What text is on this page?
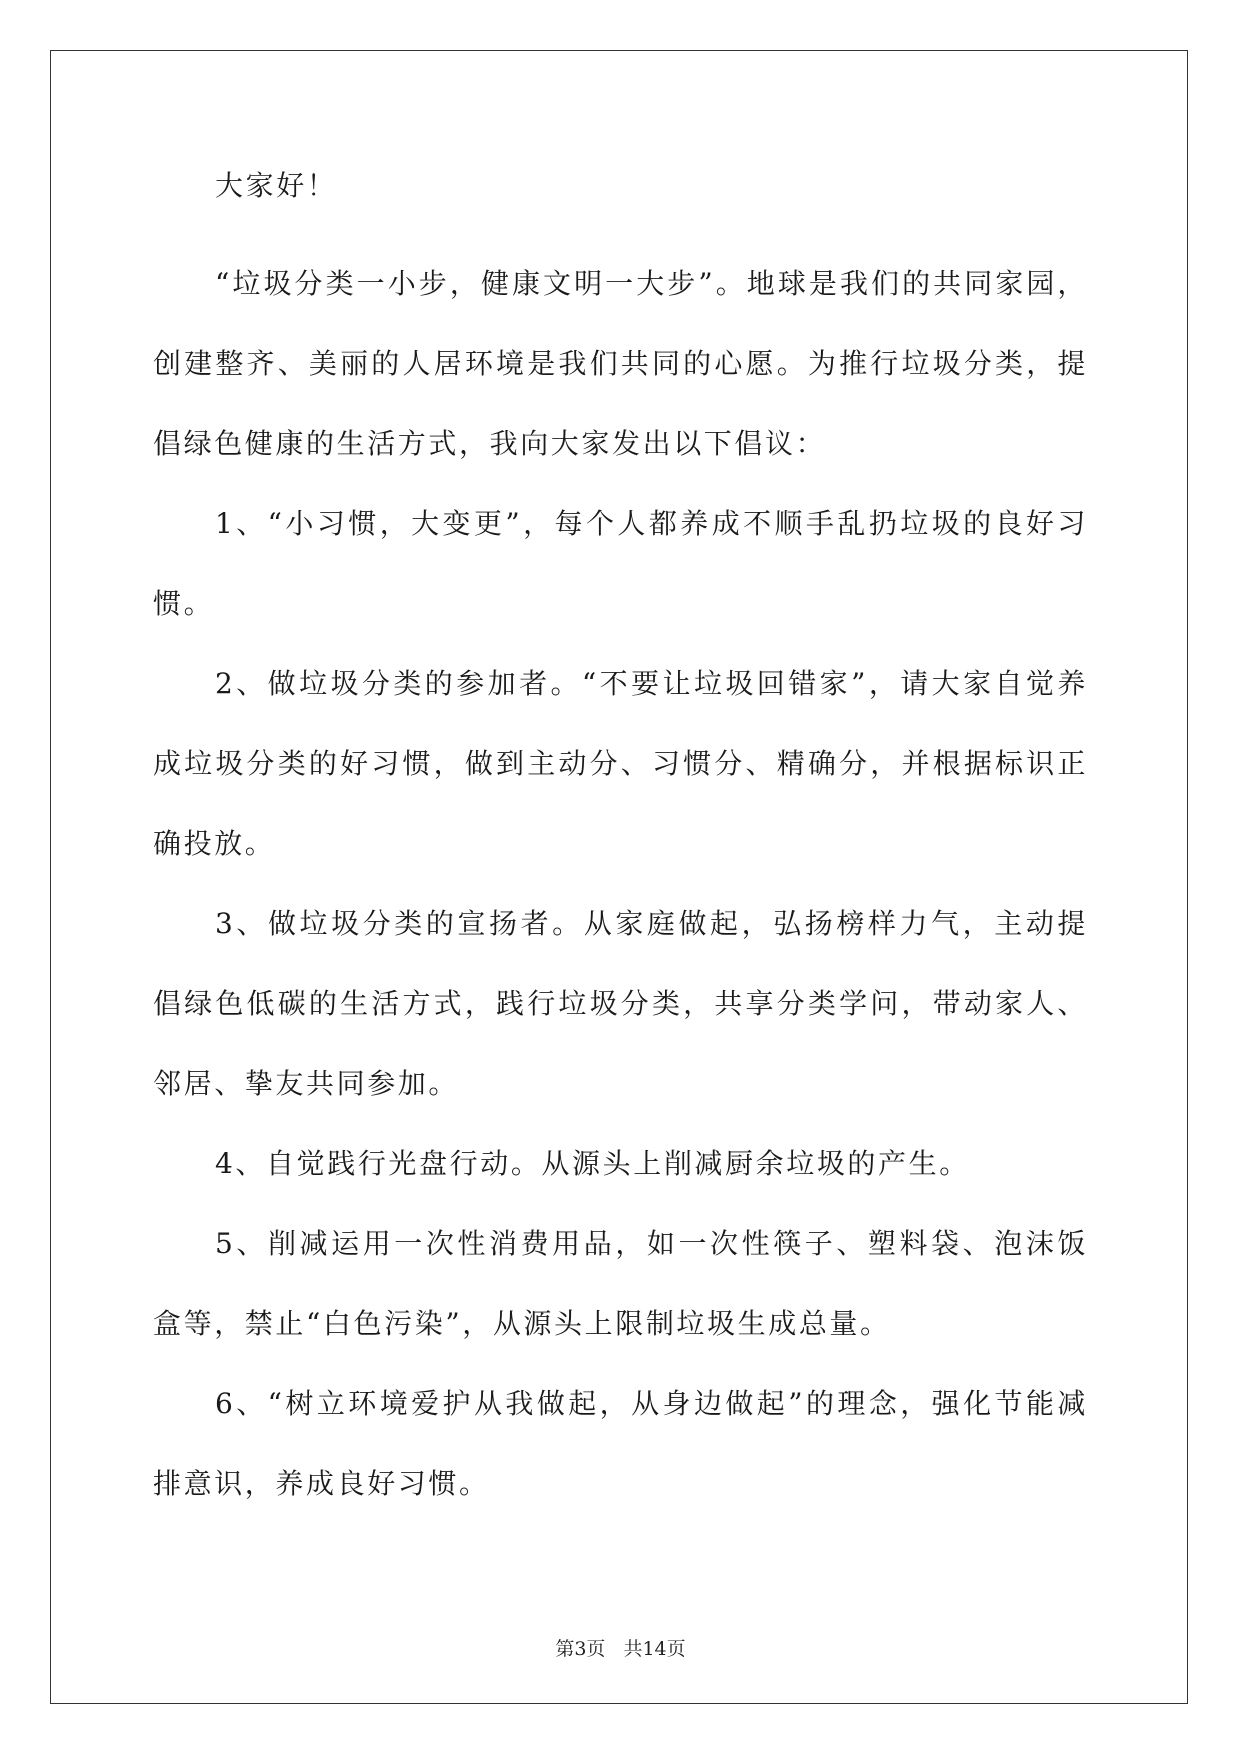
大家好！

“垃圾分类一小步，健康文明一大步”。地球是我们的共同家园，创建整齐、美丽的人居环境是我们共同的心愿。为推行垃圾分类，提倡绿色健康的生活方式，我向大家发出以下倡议：

1、“小习惯，大变更”，每个人都养成不顺手乱扔垃圾的良好习惯。

2、做垃圾分类的参加者。“不要让垃圾回错家”，请大家自觉养成垃圾分类的好习惯，做到主动分、习惯分、精确分，并根据标识正确投放。

3、做垃圾分类的宣扬者。从家庭做起，弘扬榜样力气，主动提倡绿色低碳的生活方式，践行垃圾分类，共享分类学问，带动家人、邻居、挚友共同参加。

4、自觉践行光盘行动。从源头上削减厨余垃圾的产生。

5、削减运用一次性消费用品，如一次性筷子、塑料袋、泡沫饭盒等，禁止“白色污染”，从源头上限制垃圾生成总量。

6、“树立环境爱护从我做起，从身边做起”的理念，强化节能减排意识，养成良好习惯。

第3页 共14页
